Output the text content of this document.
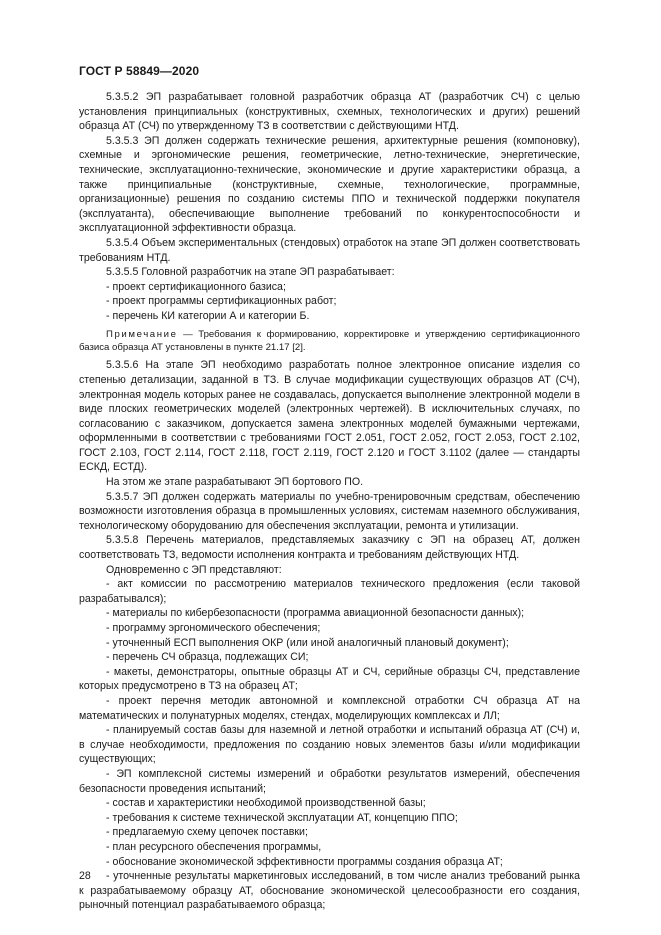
ГОСТ Р 58849—2020

5.3.5.2 ЭП разрабатывает головной разработчик образца АТ (разработчик СЧ) с целью установления принципиальных (конструктивных, схемных, технологических и других) решений образца АТ (СЧ) по утвержденному ТЗ в соответствии с действующими НТД.

5.3.5.3 ЭП должен содержать технические решения, архитектурные решения (компоновку), схемные и эргономические решения, геометрические, летно-технические, энергетические, технические, эксплуатационно-технические, экономические и другие характеристики образца, а также принципиальные (конструктивные, схемные, технологические, программные, организационные) решения по созданию системы ППО и технической поддержки покупателя (эксплуатанта), обеспечивающие выполнение требований по конкурентоспособности и эксплуатационной эффективности образца.

5.3.5.4 Объем экспериментальных (стендовых) отработок на этапе ЭП должен соответствовать требованиям НТД.

5.3.5.5 Головной разработчик на этапе ЭП разрабатывает:

- проект сертификационного базиса;

- проект программы сертификационных работ;

- перечень КИ категории А и категории Б.

Примечание — Требования к формированию, корректировке и утверждению сертификационного базиса образца АТ установлены в пункте 21.17 [2].

5.3.5.6 На этапе ЭП необходимо разработать полное электронное описание изделия со степенью детализации, заданной в ТЗ. В случае модификации существующих образцов АТ (СЧ), электронная модель которых ранее не создавалась, допускается выполнение электронной модели в виде плоских геометрических моделей (электронных чертежей). В исключительных случаях, по согласованию с заказчиком, допускается замена электронных моделей бумажными чертежами, оформленными в соответствии с требованиями ГОСТ 2.051, ГОСТ 2.052, ГОСТ 2.053, ГОСТ 2.102, ГОСТ 2.103, ГОСТ 2.114, ГОСТ 2.118, ГОСТ 2.119, ГОСТ 2.120 и ГОСТ 3.1102 (далее — стандарты ЕСКД, ЕСТД).

На этом же этапе разрабатывают ЭП бортового ПО.

5.3.5.7 ЭП должен содержать материалы по учебно-тренировочным средствам, обеспечению возможности изготовления образца в промышленных условиях, системам наземного обслуживания, технологическому оборудованию для обеспечения эксплуатации, ремонта и утилизации.

5.3.5.8 Перечень материалов, представляемых заказчику с ЭП на образец АТ, должен соответствовать ТЗ, ведомости исполнения контракта и требованиям действующих НТД.

Одновременно с ЭП представляют:

- акт комиссии по рассмотрению материалов технического предложения (если таковой разрабатывался);

- материалы по кибербезопасности (программа авиационной безопасности данных);

- программу эргономического обеспечения;

- уточненный ЕСП выполнения ОКР (или иной аналогичный плановый документ);

- перечень СЧ образца, подлежащих СИ;

- макеты, демонстраторы, опытные образцы АТ и СЧ, серийные образцы СЧ, представление которых предусмотрено в ТЗ на образец АТ;

- проект перечня методик автономной и комплексной отработки СЧ образца АТ на математических и полунатурных моделях, стендах, моделирующих комплексах и ЛЛ;

- планируемый состав базы для наземной и летной отработки и испытаний образца АТ (СЧ) и, в случае необходимости, предложения по созданию новых элементов базы и/или модификации существующих;

- ЭП комплексной системы измерений и обработки результатов измерений, обеспечения безопасности проведения испытаний;

- состав и характеристики необходимой производственной базы;

- требования к системе технической эксплуатации АТ, концепцию ППО;

- предлагаемую схему цепочек поставки;

- план ресурсного обеспечения программы,

- обоснование экономической эффективности программы создания образца АТ;

- уточненные результаты маркетинговых исследований, в том числе анализ требований рынка к разрабатываемому образцу АТ, обоснование экономической целесообразности его создания, рыночный потенциал разрабатываемого образца;

28
